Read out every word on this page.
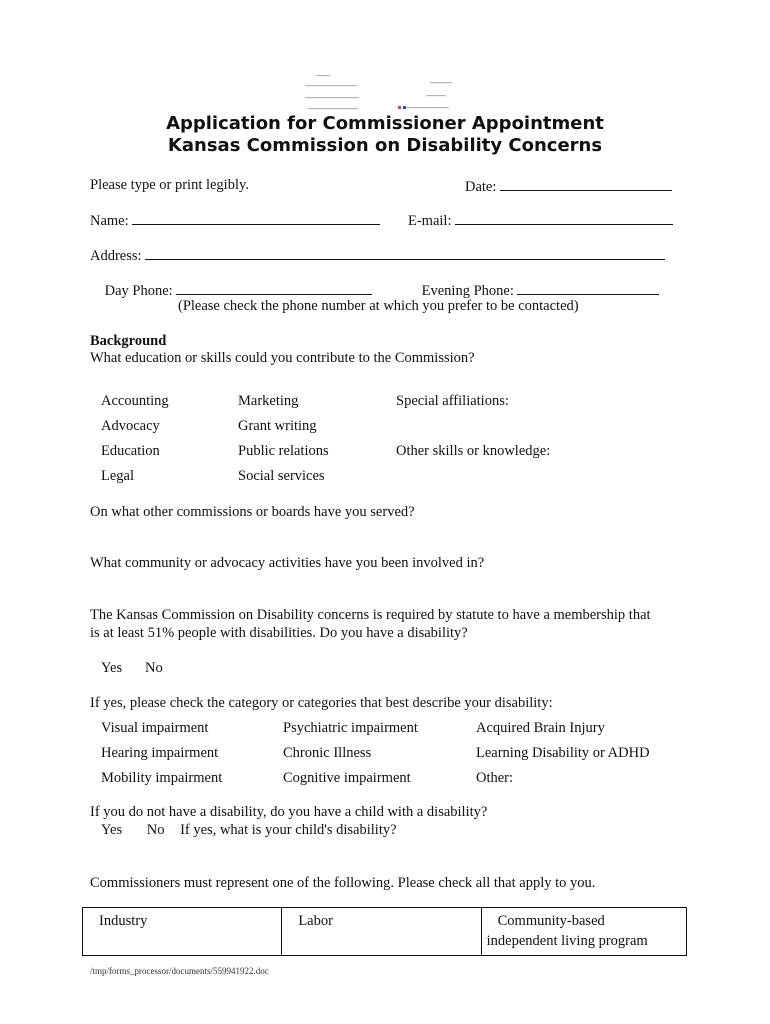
Application for Commissioner Appointment
Kansas Commission on Disability Concerns
Please type or print legibly.	Date:
Name:	E-mail:
Address:
Day Phone:	Evening Phone:
(Please check the phone number at which you prefer to be contacted)
Background
What education or skills could you contribute to the Commission?
Accounting	Marketing	Special affiliations:
Advocacy	Grant writing
Education	Public relations	Other skills or knowledge:
Legal	Social services
On what other commissions or boards have you served?
What community or advocacy activities have you been involved in?
The Kansas Commission on Disability concerns is required by statute to have a membership that
is at least 51% people with disabilities. Do you have a disability?
Yes	No
If yes, please check the category or categories that best describe your disability:
Visual impairment	Psychiatric impairment	Acquired Brain Injury
Hearing impairment	Chronic Illness	Learning Disability or ADHD
Mobility impairment	Cognitive impairment	Other:
If you do not have a disability, do you have a child with a disability?
Yes No If yes, what is your child's disability?
Commissioners must represent one of the following. Please check all that apply to you.
Industry	Labor	Community-based
independent living program
/tmp/forms_processor/documents/559941922.doc
